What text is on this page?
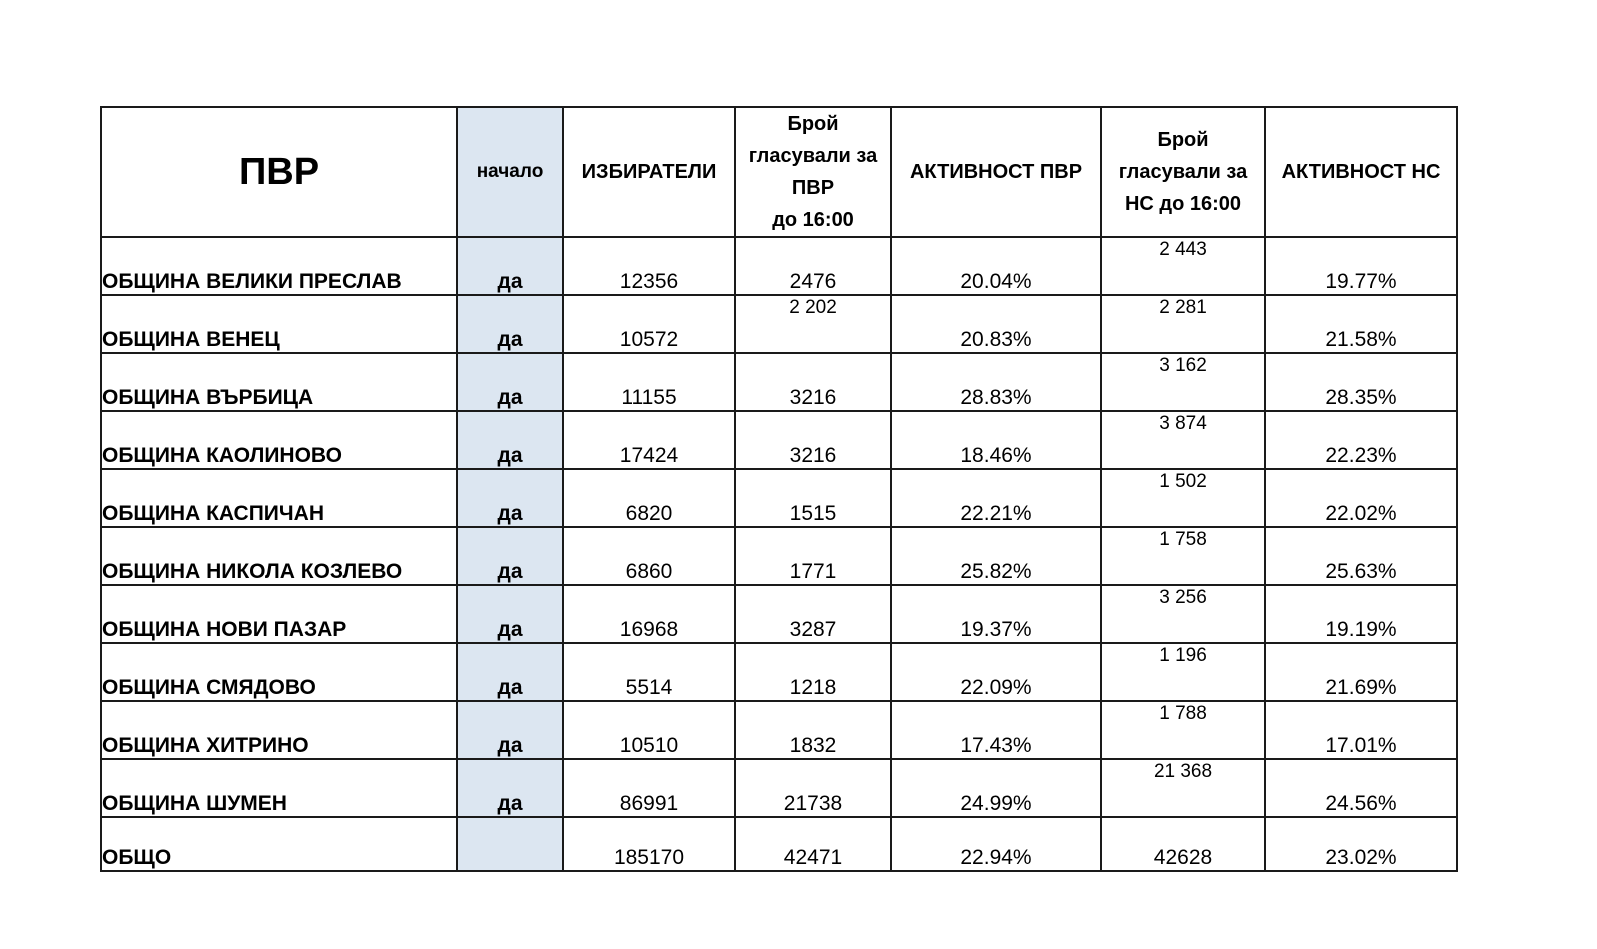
ПВР	начало	ИЗБИРАТЕЛИ	Брой
гласували за
ПВР
до 16:00	АКТИВНОСТ ПВР	Брой
гласували за
НС до 16:00	АКТИВНОСТ НС
ОБЩИНА ВЕЛИКИ ПРЕСЛАВ	да	12356	2476	20.04%	2 443	19.77%
ОБЩИНА ВЕНЕЦ	да	10572	2 202	20.83%	2 281	21.58%
ОБЩИНА ВЪРБИЦА	да	11155	3216	28.83%	3 162	28.35%
ОБЩИНА КАОЛИНОВО	да	17424	3216	18.46%	3 874	22.23%
ОБЩИНА КАСПИЧАН	да	6820	1515	22.21%	1 502	22.02%
ОБЩИНА НИКОЛА КОЗЛЕВО	да	6860	1771	25.82%	1 758	25.63%
ОБЩИНА НОВИ ПАЗАР	да	16968	3287	19.37%	3 256	19.19%
ОБЩИНА СМЯДОВО	да	5514	1218	22.09%	1 196	21.69%
ОБЩИНА ХИТРИНО	да	10510	1832	17.43%	1 788	17.01%
ОБЩИНА ШУМЕН	да	86991	21738	24.99%	21 368	24.56%
ОБЩО		185170	42471	22.94%	42628	23.02%
